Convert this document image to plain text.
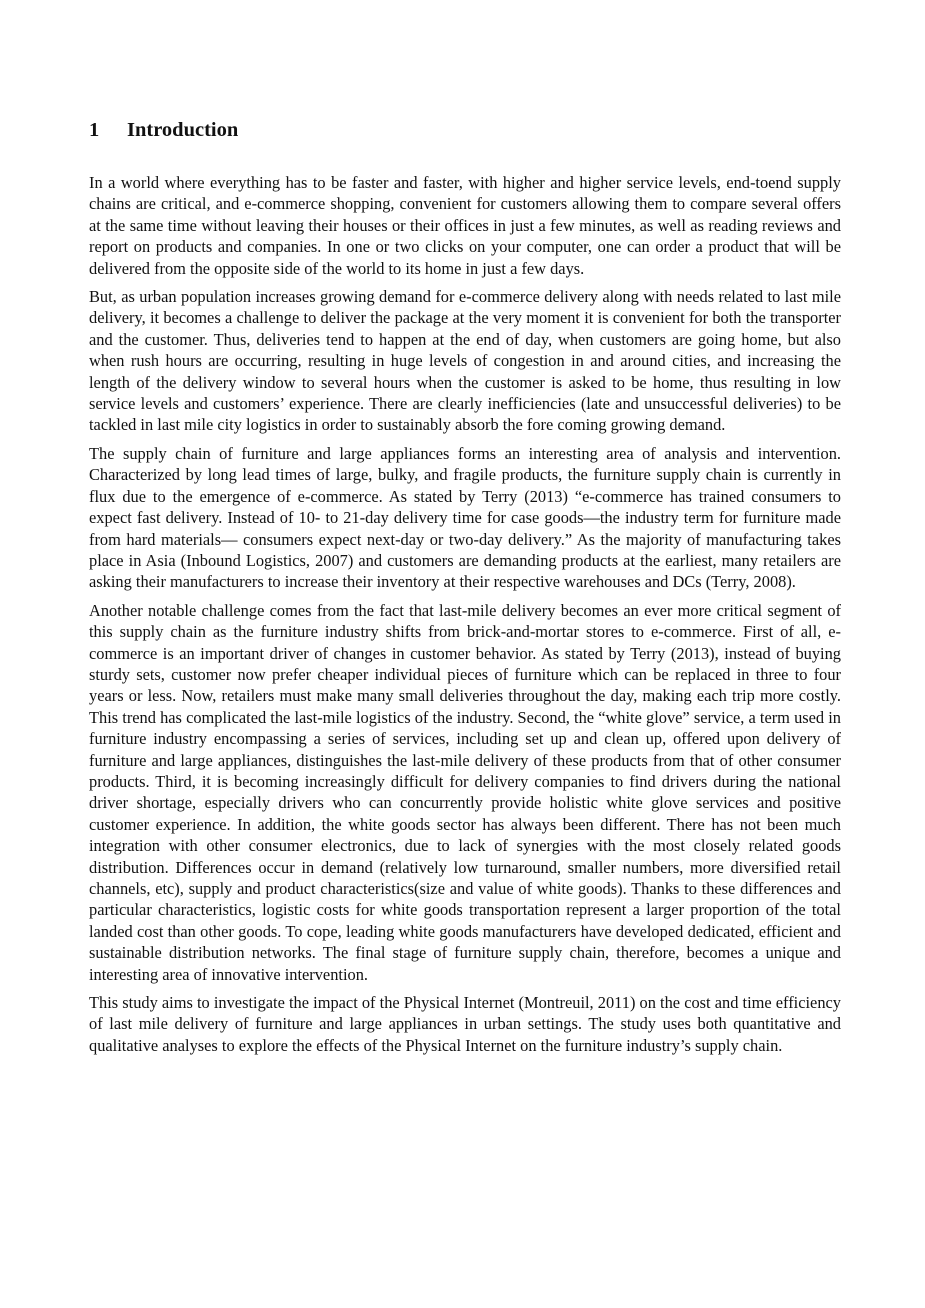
1	Introduction

In a world where everything has to be faster and faster, with higher and higher service levels, end-toend supply chains are critical, and e-commerce shopping, convenient for customers allowing them to compare several offers at the same time without leaving their houses or their offices in just a few minutes, as well as reading reviews and report on products and companies. In one or two clicks on your computer, one can order a product that will be delivered from the opposite side of the world to its home in just a few days.

But, as urban population increases growing demand for e-commerce delivery along with needs related to last mile delivery, it becomes a challenge to deliver the package at the very moment it is convenient for both the transporter and the customer. Thus, deliveries tend to happen at the end of day, when customers are going home, but also when rush hours are occurring, resulting in huge levels of congestion in and around cities, and increasing the length of the delivery window to several hours when the customer is asked to be home, thus resulting in low service levels and customers’ experience. There are clearly inefficiencies (late and unsuccessful deliveries) to be tackled in last mile city logistics in order to sustainably absorb the fore coming growing demand.

The supply chain of furniture and large appliances forms an interesting area of analysis and intervention. Characterized by long lead times of large, bulky, and fragile products, the furniture supply chain is currently in flux due to the emergence of e-commerce. As stated by Terry (2013) “e-commerce has trained consumers to expect fast delivery. Instead of 10- to 21-day delivery time for case goods—the industry term for furniture made from hard materials— consumers expect next-day or two-day delivery.” As the majority of manufacturing takes place in Asia (Inbound Logistics, 2007) and customers are demanding products at the earliest, many retailers are asking their manufacturers to increase their inventory at their respective warehouses and DCs (Terry, 2008).

Another notable challenge comes from the fact that last-mile delivery becomes an ever more critical segment of this supply chain as the furniture industry shifts from brick-and-mortar stores to e-commerce. First of all, e-commerce is an important driver of changes in customer behavior. As stated by Terry (2013), instead of buying sturdy sets, customer now prefer cheaper individual pieces of furniture which can be replaced in three to four years or less. Now, retailers must make many small deliveries throughout the day, making each trip more costly. This trend has complicated the last-mile logistics of the industry. Second, the “white glove” service, a term used in furniture industry encompassing a series of services, including set up and clean up, offered upon delivery of furniture and large appliances, distinguishes the last-mile delivery of these products from that of other consumer products. Third, it is becoming increasingly difficult for delivery companies to find drivers during the national driver shortage, especially drivers who can concurrently provide holistic white glove services and positive customer experience. In addition, the white goods sector has always been different. There has not been much integration with other consumer electronics, due to lack of synergies with the most closely related goods distribution. Differences occur in demand (relatively low turnaround, smaller numbers, more diversified retail channels, etc), supply and product characteristics(size and value of white goods). Thanks to these differences and particular characteristics, logistic costs for white goods transportation represent a larger proportion of the total landed cost than other goods. To cope, leading white goods manufacturers have developed dedicated, efficient and sustainable distribution networks. The final stage of furniture supply chain, therefore, becomes a unique and interesting area of innovative intervention.

This study aims to investigate the impact of the Physical Internet (Montreuil, 2011) on the cost and time efficiency of last mile delivery of furniture and large appliances in urban settings. The study uses both quantitative and qualitative analyses to explore the effects of the Physical Internet on the furniture industry’s supply chain.
